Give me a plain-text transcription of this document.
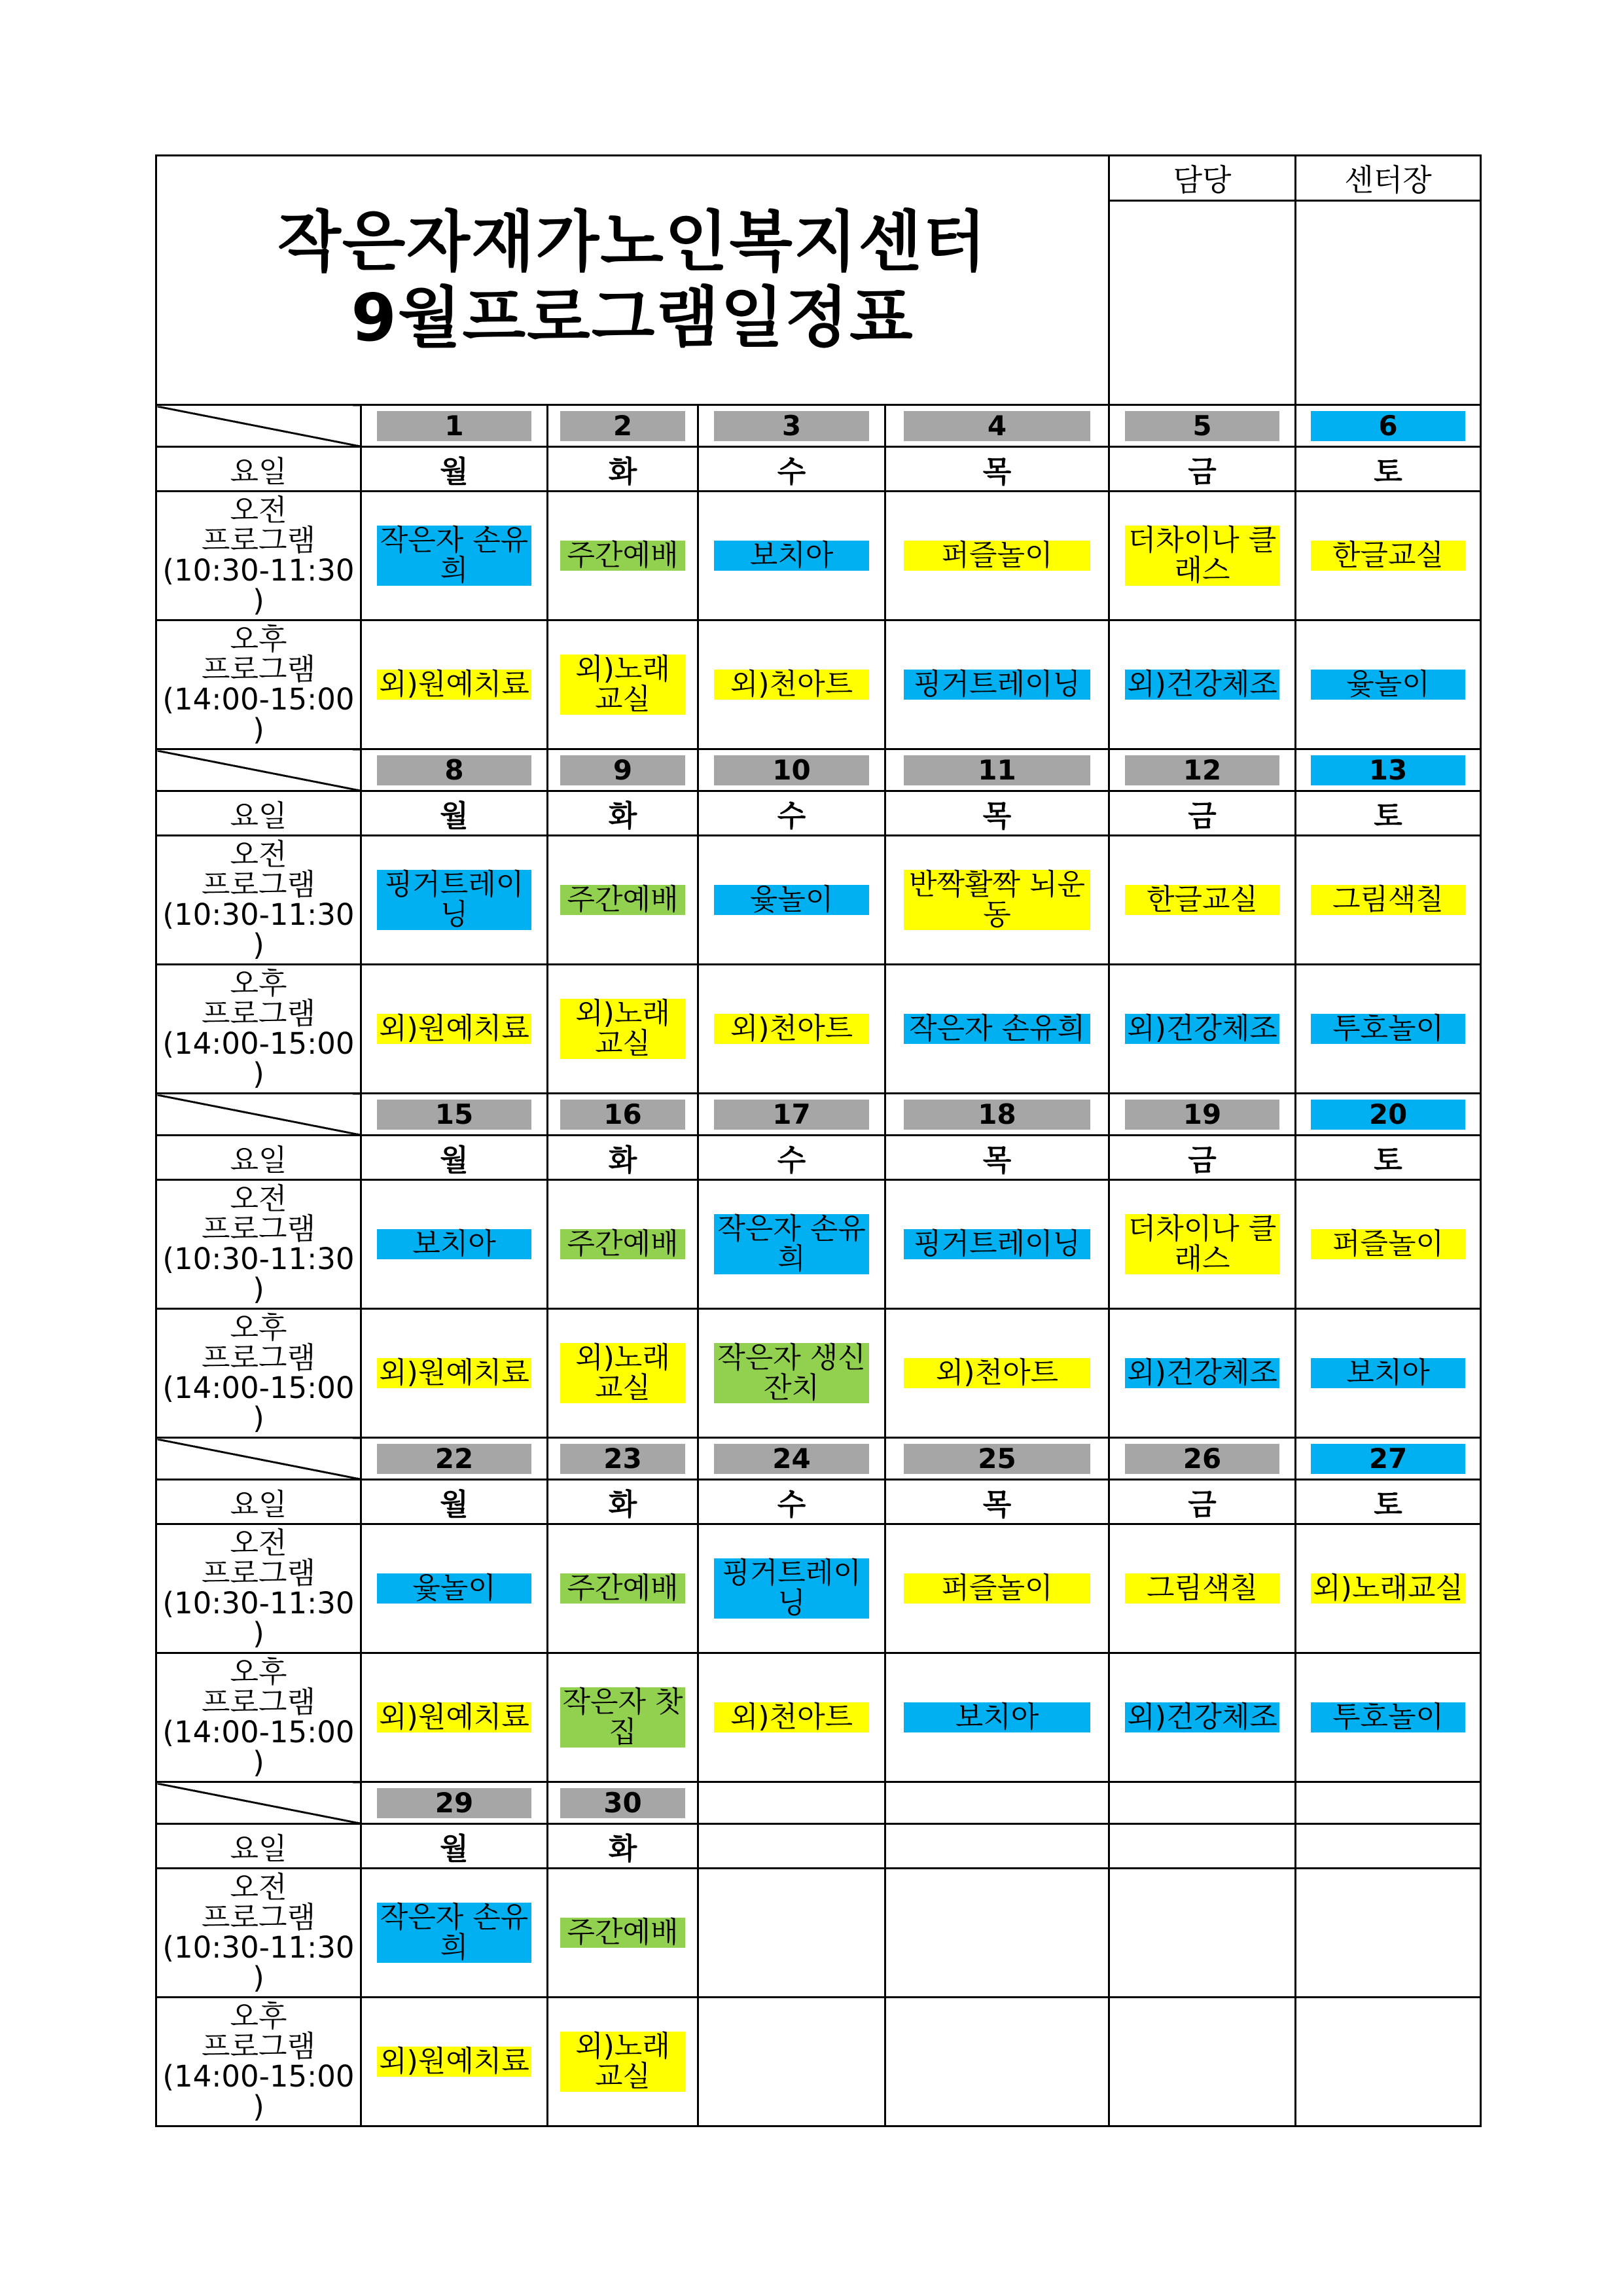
작은자재가노인복지센터
9월프로그램일정표					담당	센터장

	1	2	3	4	5	6

요일	월	화	수	목	금	토

오전
프로그램
(10:30-11:30
)	작은자 손유희	주간예배	보치아	퍼즐놀이	더차이나 클래스	한글교실

오후
프로그램
(14:00-15:00
)	외)원예치료	외)노래 교실	외)천아트	핑거트레이닝	외)건강체조	윷놀이

	8	9	10	11	12	13

요일	월	화	수	목	금	토

오전
프로그램
(10:30-11:30
)	핑거트레이닝	주간예배	윷놀이	반짝활짝 뇌운동	한글교실	그림색칠

오후
프로그램
(14:00-15:00
)	외)원예치료	외)노래 교실	외)천아트	작은자 손유희	외)건강체조	투호놀이

	15	16	17	18	19	20

요일	월	화	수	목	금	토

오전
프로그램
(10:30-11:30
)	보치아	주간예배	작은자 손유희	핑거트레이닝	더차이나 클래스	퍼즐놀이

오후
프로그램
(14:00-15:00
)	외)원예치료	외)노래 교실	작은자 생신잔치	외)천아트	외)건강체조	보치아

	22	23	24	25	26	27

요일	월	화	수	목	금	토

오전
프로그램
(10:30-11:30
)	윷놀이	주간예배	핑거트레이닝	퍼즐놀이	그림색칠	외)노래교실

오후
프로그램
(14:00-15:00
)	외)원예치료	작은자 찻집	외)천아트	보치아	외)건강체조	투호놀이

	29	30				

요일	월	화				

오전
프로그램
(10:30-11:30
)	작은자 손유희	주간예배				

오후
프로그램
(14:00-15:00
)	외)원예치료	외)노래 교실				
